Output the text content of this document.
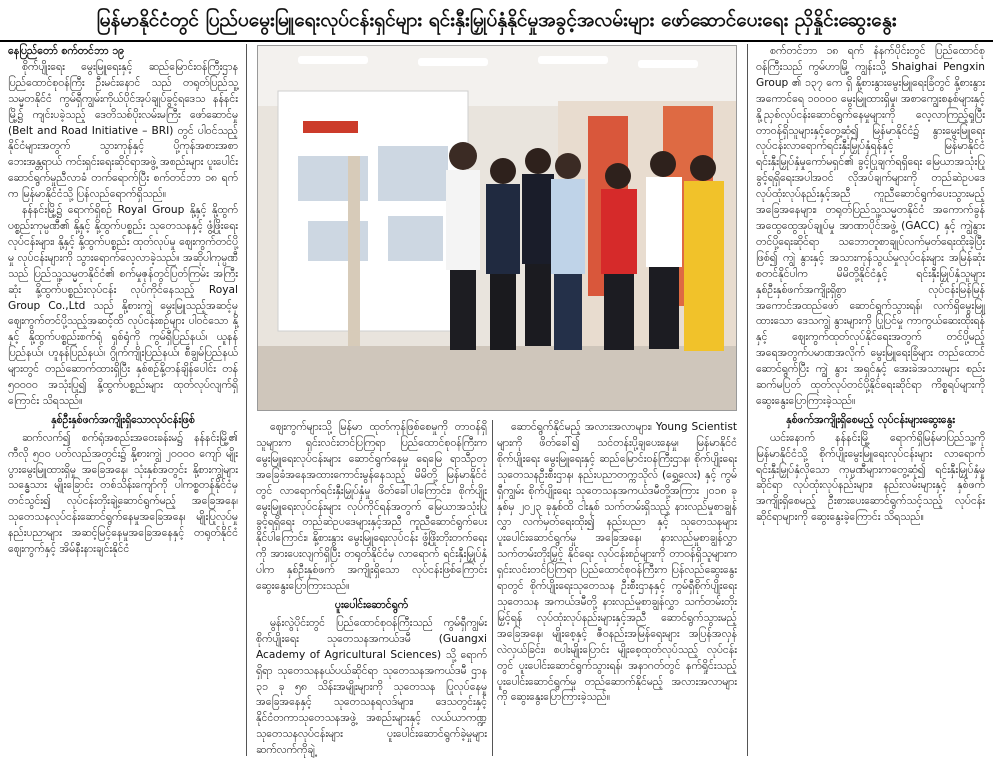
မြန်မာနိုင်ငံတွင် ပြည်ပမွေးမြူရေးလုပ်ငန်းရှင်များ ရင်းနှီးမြှုပ်နှံနိုင်မှုအခွင့်အလမ်းများ ဖော်ဆောင်ပေးရေး ညှိနှိုင်းဆွေးနွေး

နေပြည်တော် စက်တင်ဘာ ၁၉

စိုက်ပျိုးရေး မွေးမြူရေးနှင့် ဆည်မြောင်းဝန်ကြီးဌာန ပြည်ထောင်စုဝန်ကြီး ဦးမင်းနောင် သည် တရုတ်ပြည်သူ့သမ္မတနိုင်ငံ ကွမ်ရှီကျွမ်းကိုယ်ပိုင်အုပ်ချုပ်ခွင့်ရဒေသ နန်နင်းမြို့၌ ကျင်းပခဲ့သည့် ဒေတိသစ်ပိုးလမ်းမကြီး ဖော်ဆောင်မှု (Belt and Road Initiative – BRI) တွင် ပါဝင်သည့် နိုင်ငံများအတွက် သွားကုန်နှင့် ပို့ကုန်အစားအစာဘေးအန္တရာယ် ကင်းရှင်းရေးဆိုင်ရာအဖွဲ့ အစည်းများ ပူးပေါင်းဆောင်ရွက်မှုညီလာခံ တက်ရောက်ပြီး စက်တင်ဘာ ၁၈ ရက်က မြန်မာနိုင်ငံသို့ ပြန်လည်ရောက်ရှိသည်။

နန်နင်းမြို့၌ ရောက်ရှိစဉ် Royal Group နို့နှင့် နို့ထွက်ပစ္စည်းကုမ္ပဏီ၏ နို့နှင့် နို့ထွက်ပစ္စည်း သုတေသနနှင့် ဖွံ့ဖြိုးရေးလုပ်ငန်းများ၊ နို့နှင့် နို့ထွက်ပစ္စည်း ထုတ်လုပ်မှု ဈေးကွက်တင်ပို့မှု လုပ်ငန်းများကို သွားရောက်လေ့လာခဲ့သည်။ အဆိုပါကုမ္ပဏီသည် ပြည်သူ့သမ္မတနိုင်ငံ၏ စက်မှုဇုန်တွင်ပြတ်ကြမ်း အကြီးဆုံး နို့ထွက်ပစ္စည်းလုပ်ငန်း လုပ်ကိုင်နေသည့် Royal Group Co.,Ltd သည် နို့စားကျွဲ မွေးမြူသည့်အဆင့်မှ ဈေးကွက်တင်ပို့သည့်အဆင့်ထိ လုပ်ငန်းစဉ်များ ပါဝင်သော နို့နှင့် နို့ထွက်ပစ္စည်းစက်ရုံ ရှစ်ရုံကို ကွမ်ရှီပြည်နယ်၊ ယူနန်ပြည်နယ်၊ ဟူနန်ပြည်နယ်၊ ဂွိုက်ကျိုးပြည်နယ်၊ စီချွမ်ပြည်နယ်များတွင် တည်ဆောက်ထားရှိပြီး နှစ်စဉ်နို့တန်ချိန်ပေါင်း တန် ၅၀၀၀၀ အသုံးပြု၍ နို့ထွက်ပစ္စည်းများ ထုတ်လုပ်လျက်ရှိကြောင်း သိရသည်။

နှစ်ဦးနှစ်ဖက်အကျိုးရှိသောလုပ်ငန်းဖြစ်

ဆက်လက်၍ စက်ရုံအစည်းအဝေးခန်းမ၌ နန်နင်းမြို့၏ ကီလို ၅၀၀ ပတ်လည်အတွင်း၌ နို့စားကျွဲ ၂၀၀၀၀ ကျော် မျိုးပွားမွေးမြူထားရှိမှု အခြေအနေ၊ သုံးနှစ်အတွင်း နို့စားကျွဲများ သန္ဓေသား မျိုးခြောင်း တစ်သိန်းကျော်ကို ပါကစ္စတန်နိုင်ငံမှ တင်သွင်း၍ လုပ်ငန်းတိုးချဲ့ဆောင်ရွက်မည့် အခြေအနေ၊ သုတေသနလုပ်ငန်းဆောင်ရွက်နေမှုအခြေအနေ၊ မျိုးပြုလုပ်မှုနည်းပညာများ အဆင့်မြင့်နေမှုအခြေအနေနှင့် တရုတ်နိုင်ငံ ဈေးကွက်နှင့် အိမ်နီးနားချင်းနိုင်ငံ

ဈေးကွက်များသို့ မြန်မာ ထုတ်ကုန်ဖြစ်စေမှုကို တာဝန်ရှိသူများက ရှင်းလင်းတင်ပြကြရာ ပြည်ထောင်စုဝန်ကြီးက မွေးမြူရေးလုပ်ငန်းများ ဆောင်ရွက်နေမှု ရေမြေ ရာသီဥတု အခြေခံအနေအထားကောင်းမွန်နေသည့် မိမိတို့ မြန်မာနိုင်ငံတွင် လာရောက်ရင်းနှီးမြှုပ်နှံမှု ဖိတ်ခေါ်ပါကြောင်း၊ စိုက်ပျိုးမွေးမြူရေးလုပ်ငန်းများ လုပ်ကိုင်ရန်အတွက် မြေယာအသုံးပြုခွင့်ရရှိရေး တည်ဆဲဥပဒေများနှင့်အညီ ကူညီဆောင်ရွက်ပေးနိုင်ပါကြောင်း၊ နို့စားနွား မွေးမြူရေးလုပ်ငန်း ဖွံ့ဖြိုးတိုးတက်ရေးကို အားပေးလျက်ရှိပြီး တရုတ်နိုင်ငံမှ လာရောက် ရင်းနှီးမြှုပ်နှံပါက နှစ်ဦးနှစ်ဖက် အကျိုးရှိသော လုပ်ငန်းဖြစ်ကြောင်း ဆွေးနွေးပြောကြားသည်။

ပူးပေါင်းဆောင်ရွက်

မွန်းလွဲပိုင်းတွင် ပြည်ထောင်စုဝန်ကြီးသည် ကွမ်ရှီကျွမ်းစိုက်ပျိုးရေး သုတေသနအကယ်ဒမီ (Guangxi Academy of Agricultural Sciences) သို့ ရောက်ရှိရာ သုတေသနနယ်ပယ်ဆိုင်ရာ သုတေသနအကယ်ဒမီ ဌာန ၃၁ ခု ၅၈ သိန်းအမျိုးများကို သုတေသန ပြုလုပ်နေမှုအခြေအနေနှင့် သုတေသနရလဒ်များ၊ ဒေသတွင်းနှင့် နိုင်ငံတကာသုတေသနအဖွဲ့ အစည်းများနှင့် လယ်ယာကဏ္ဍသုတေသနလုပ်ငန်းများ ပူးပေါင်းဆောင်ရွက်ခဲ့မှုများ ဆက်လက်ကိုချဲ့

ဆောင်ရွက်နိုင်မည့် အလားအလာများ၊ Young Scientist များကို ဖိတ်ခေါ်၍ သင်တန်းပို့ချပေးနေမှု၊ မြန်မာနိုင်ငံ စိုက်ပျိုးရေး မွေးမြူရေးနှင့် ဆည်မြောင်းဝန်ကြီးဌာန၊ စိုက်ပျိုးရေး သုတေသနဦးစီးဌာန၊ နည်းပညာတက္ကသိုလ် (ရွှေ့လေး) နှင့် ကွမ်ရှီကျွမ်း စိုက်ပျိုးရေး သုတေသနအကယ်ဒမီတို့အကြား ၂၀၁၈ ခုနှစ်မှ ၂၀၂၃ ခုနှစ်ထိ ငါးနှစ် သက်တမ်းရှိသည့် နားလည်မှုစာချွန်လွှာ လက်မှတ်ရေးထိုး၍ နည်းပညာ နှင့် သုတေသနများ ပူးပေါင်းဆောင်ရွက်မှု အခြေအနေ၊ နားလည်မှုစာချွန်လွှာ သက်တမ်းတိုးမြှင့် နိုင်ရေး လုပ်ငန်းစဉ်များကို တာဝန်ရှိသူများက ရှင်းလင်းတင်ပြကြရာ ပြည်ထောင်စုဝန်ကြီးက ပြန်လည်ဆွေးနွေးရာတွင် စိုက်ပျိုးရေးသုတေသန ဦးစီးဌာနနှင့် ကွမ်ရှီစိုက်ပျိုးရေးသုတေသန အကယ်ဒမီတို့ နားလည်မှုစာချွန်လွှာ သက်တမ်းတိုးမြှင့်ရန် လုပ်ထုံးလုပ်နည်းများနှင့်အညီ ဆောင်ရွက်သွားမည့် အခြေအနေ၊ မျိုးစေ့နှင့် ဇီဝနည်းအမြန်ရေးများ အပြန်အလှန်လဲလှယ်ခြင်း၊ စပါးမျိုးပြောင်း မျိုးစေ့ထုတ်လုပ်သည့် လုပ်ငန်းတွင် ပူးပေါင်းဆောင်ရွက်သွားရန်၊ အနာဂတ်တွင် နက်ရှိုင်းသည့် ပူးပေါင်းဆောင်ရွက်မှု တည်ဆောက်နိုင်မည့် အလားအလာများကို ဆွေးနွေးပြောကြားခဲ့သည်။

စက်တင်ဘာ ၁၈ ရက် နံနက်ပိုင်းတွင် ပြည်ထောင်စုဝန်ကြီးသည် ကွမ်ဟာမြို့ ကျွန်းသို့ Shaighai Pengxin Group ၏ ၁၃၇ ကေ ရှိ နို့စားနွားမွေးမြူရေးခြံတွင် နို့စားနွားအကောင်ရေ ၁၀၀၀၀ မွေးမြူထားရှိမှု၊ အစာကျွေးစနစ်များနှင့် နို့ညှစ်လုပ်ငန်းဆောင်ရွက်နေမှုများကို လေ့လာကြည့်ရှုပြီး တာဝန်ရှိသူများနှင့်တွေ့ဆုံ၍ မြန်မာနိုင်ငံ၌ နွားမွေးမြူရေး လုပ်ငန်းလာရောက်ရင်းနှီးမြှုပ်နှံရန်နှင့် မြန်မာနိုင်ငံရင်းနှီးမြှုပ်နှံမှုကော်မရှင်၏ ခွင့်ပြုချက်ရရှိရေး မြေယာအသုံးပြုခွင့်ရရှိရေးအပါအဝင် လိုအပ်ချက်များကို တည်ဆဲဥပဒေ လုပ်ထုံးလုပ်နည်းနှင့်အညီ ကူညီဆောင်ရွက်ပေးသွားမည့် အခြေအနေများ၊ တရုတ်ပြည်သူ့သမ္မတနိုင်ငံ အကောက်ခွန်အထွေထွေအုပ်ချုပ်မှု အာဏာပိုင်အဖွဲ့ (GACC) နှင့် ကျွဲနွားတင်ပို့ရေးဆိုင်ရာ သဘောတူစာချုပ်လက်မှတ်ရေးထိုးခဲ့ပြီးဖြစ်၍ ကျွဲ နွားနှင့် အသားကုန်သွယ်မှုလုပ်ငန်းများ အမြန်ဆုံး စတင်နိုင်ပါက မိမိတို့နိုင်ငံနှင့် ရင်းနှီးမြှုပ်နှံသူများ နှစ်ဦးနှစ်ဖက်အကျိုးရှိစွာ လုပ်ငန်းမြန်မြန်အကောင်အထည်ဖော် ဆောင်ရွက်သွားရန်၊ လက်ရှိမွေးမြူထားသော ဒေသကျွဲ နွားများကို ပြုပြင်မှု ကာကွယ်ဆေးထိုးရန်နှင့် ဈေးကွက်ထုတ်လုပ်နိုင်ရေးအတွက် တင်ပို့မည့် အရေအတွက်ပမာဏအလိုက် မွေးမြူရေးခြံများ တည်ထောင်ဆောင်ရွက်ပြီး ကျွဲ နွား အရှင်နှင့် အေးခဲအသားများ စည်းဆက်မပြတ် ထုတ်လုပ်တင်ပို့နိုင်ရေးဆိုင်ရာ ကိစ္စရပ်များကို ဆွေးနွေးပြောကြားခဲ့သည်။

နှစ်ဖက်အကျိုးရှိစေမည့် လုပ်ငန်းများဆွေးနွေး

ယင်းနောက် နန်နင်းမြို့ ရောက်ရှိမြန်မာပြည်သူ့ကို မြန်မာနိုင်ငံသို့ စိုက်ပျိုးမွေးမြူရေးလုပ်ငန်းများ လာရောက်ရင်းနှီးမြှုပ်နှံလိုသော ကုမ္ပဏီများကတွေ့ဆုံ၍ ရင်းနှီးမြှုပ်နှံမှုဆိုင်ရာ လုပ်ထုံးလုပ်နည်းများ၊ နည်းလမ်းများနှင့် နှစ်ဖက်အကျိုးရှိစေမည့် ဦးစားပေးဆောင်ရွက်သင့်သည့် လုပ်ငန်းဆိုင်ရာများကို ဆွေးနွေးခဲ့ကြောင်း သိရသည်။
